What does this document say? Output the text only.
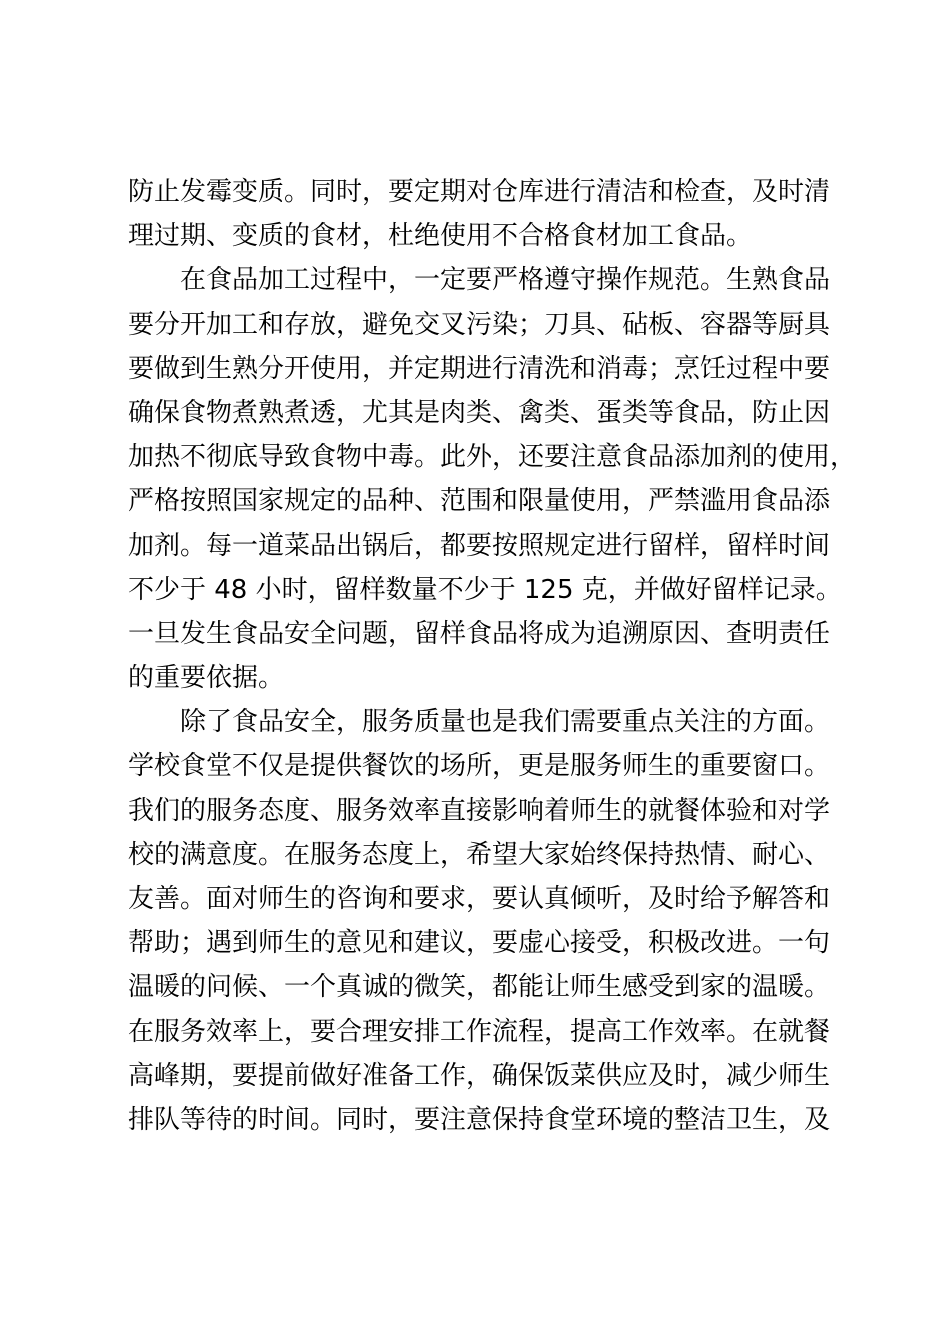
防止发霉变质。同时，要定期对仓库进行清洁和检查，及时清
理过期、变质的食材，杜绝使用不合格食材加工食品。
在食品加工过程中，一定要严格遵守操作规范。生熟食品
要分开加工和存放，避免交叉污染；刀具、砧板、容器等厨具
要做到生熟分开使用，并定期进行清洗和消毒；烹饪过程中要
确保食物煮熟煮透，尤其是肉类、禽类、蛋类等食品，防止因
加热不彻底导致食物中毒。此外，还要注意食品添加剂的使用，
严格按照国家规定的品种、范围和限量使用，严禁滥用食品添
加剂。每一道菜品出锅后，都要按照规定进行留样，留样时间
不少于 48 小时，留样数量不少于 125 克，并做好留样记录。
一旦发生食品安全问题，留样食品将成为追溯原因、查明责任
的重要依据。
除了食品安全，服务质量也是我们需要重点关注的方面。
学校食堂不仅是提供餐饮的场所，更是服务师生的重要窗口。
我们的服务态度、服务效率直接影响着师生的就餐体验和对学
校的满意度。在服务态度上，希望大家始终保持热情、耐心、
友善。面对师生的咨询和要求，要认真倾听，及时给予解答和
帮助；遇到师生的意见和建议，要虚心接受，积极改进。一句
温暖的问候、一个真诚的微笑，都能让师生感受到家的温暖。
在服务效率上，要合理安排工作流程，提高工作效率。在就餐
高峰期，要提前做好准备工作，确保饭菜供应及时，减少师生
排队等待的时间。同时，要注意保持食堂环境的整洁卫生，及
